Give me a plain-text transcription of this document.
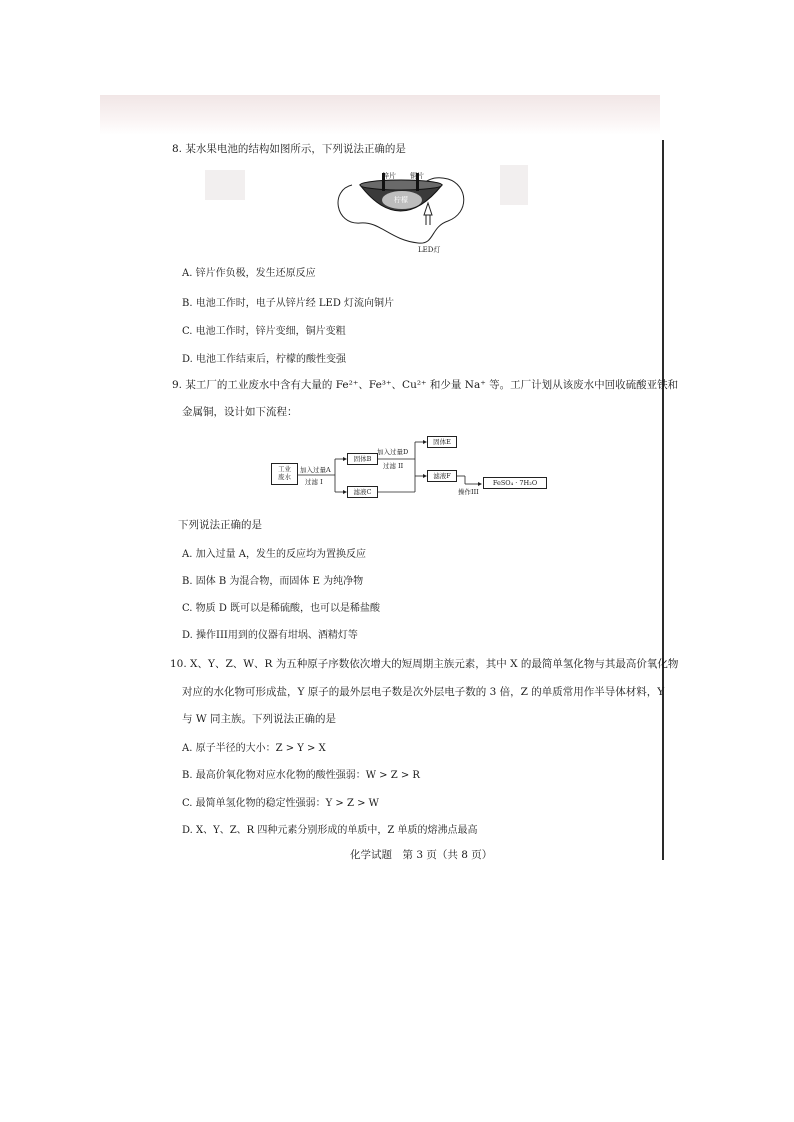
8. 某水果电池的结构如图所示，下列说法正确的是
锌片 铜片
柠檬
LED灯
A. 锌片作负极，发生还原反应
B. 电池工作时，电子从锌片经 LED 灯流向铜片
C. 电池工作时，锌片变细，铜片变粗
D. 电池工作结束后，柠檬的酸性变强
9. 某工厂的工业废水中含有大量的 Fe²⁺、Fe³⁺、Cu²⁺ 和少量 Na⁺ 等。工厂计划从该废水中回收硫酸亚铁和
金属铜，设计如下流程：
工业
废水
加入过量A
过滤 I
固体B
滤液C
加入过量D
过滤 II
固体E
滤液F
操作III
FeSO₄ · 7H₂O
下列说法正确的是
A. 加入过量 A，发生的反应均为置换反应
B. 固体 B 为混合物，而固体 E 为纯净物
C. 物质 D 既可以是稀硫酸，也可以是稀盐酸
D. 操作III用到的仪器有坩埚、酒精灯等
10. X、Y、Z、W、R 为五种原子序数依次增大的短周期主族元素，其中 X 的最简单氢化物与其最高价氧化物
对应的水化物可形成盐，Y 原子的最外层电子数是次外层电子数的 3 倍，Z 的单质常用作半导体材料，Y
与 W 同主族。下列说法正确的是
A. 原子半径的大小：Z > Y > X
B. 最高价氧化物对应水化物的酸性强弱：W > Z > R
C. 最简单氢化物的稳定性强弱：Y > Z > W
D. X、Y、Z、R 四种元素分别形成的单质中，Z 单质的熔沸点最高
化学试题　第 3 页（共 8 页）
